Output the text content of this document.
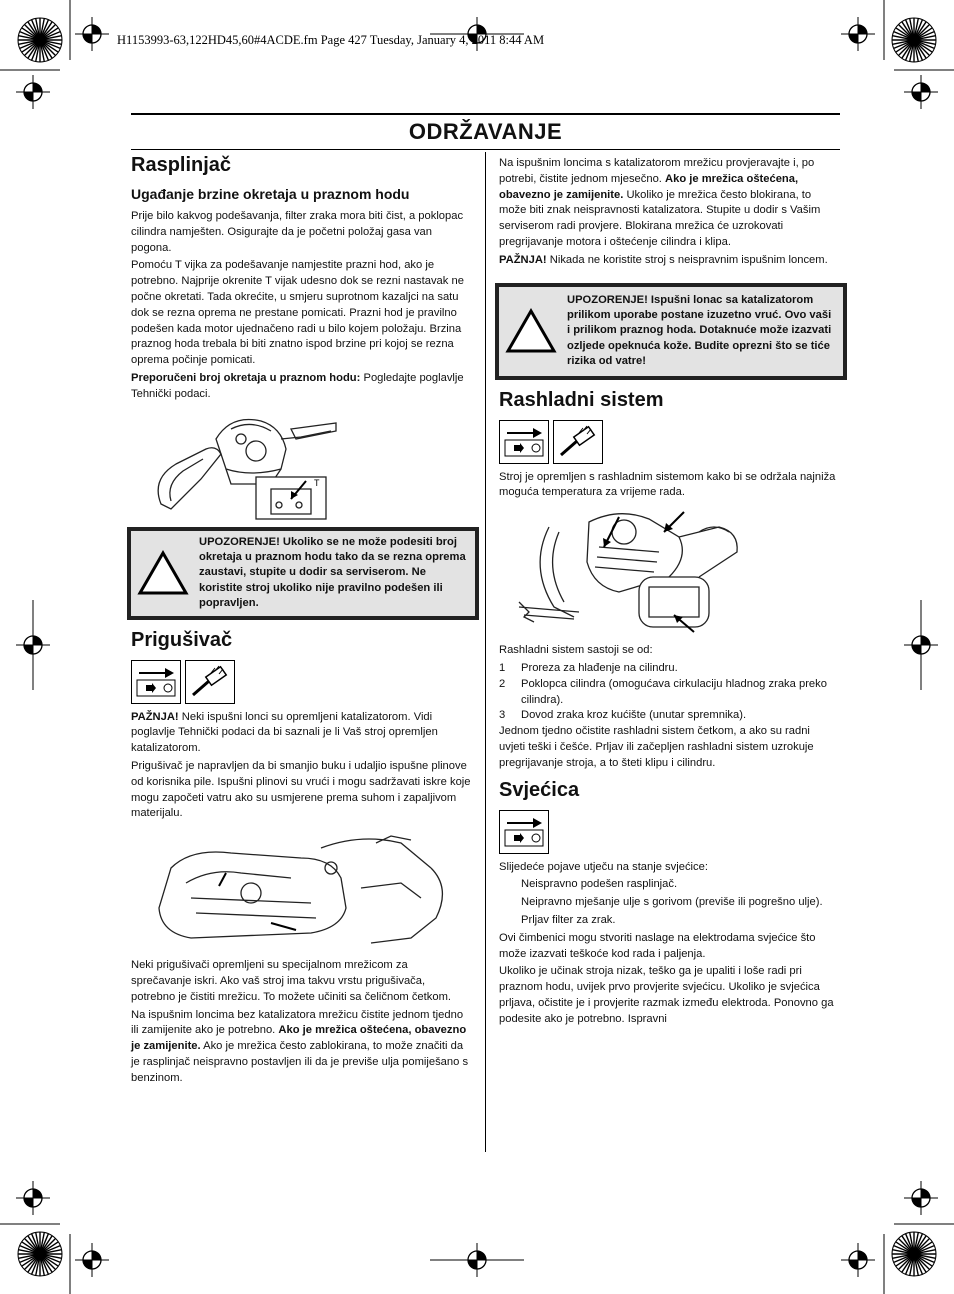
H1153993-63,122HD45,60#4ACDE.fm Page 427 Tuesday, January 4, 2011 8:44 AM
ODRŽAVANJE
Rasplinjač
Ugađanje brzine okretaja u praznom hodu

Prije bilo kakvog podešavanja, filter zraka mora biti čist, a poklopac cilindra namješten. Osigurajte da je početni položaj gasa van pogona.

Pomoću T vijka za podešavanje namjestite prazni hod, ako je potrebno. Najprije okrenite T vijak udesno dok se rezni nastavak ne počne okretati. Tada okrećite, u smjeru suprotnom kazaljci na satu dok se rezna oprema ne prestane pomicati. Prazni hod je pravilno podešen kada motor ujednačeno radi u bilo kojem položaju. Brzina praznog hoda trebala bi biti znatno ispod brzine pri kojoj se rezna oprema počinje pomicati.

Preporučeni broj okretaja u praznom hodu: Pogledajte poglavlje Tehnički podaci.

T
UPOZORENJE! Ukoliko se ne može podesiti broj okretaja u praznom hodu tako da se rezna oprema zaustavi, stupite u dodir sa serviserom. Ne koristite stroj ukoliko nije pravilno podešen ili popravljen.
Prigušivač

PAŽNJA! Neki ispušni lonci su opremljeni katalizatorom. Vidi poglavlje Tehnički podaci da bi saznali je li Vaš stroj opremljen katalizatorom.

Prigušivač je napravljen da bi smanjio buku i udaljio ispušne plinove od korisnika pile. Ispušni plinovi su vrući i mogu sadržavati iskre koje mogu započeti vatru ako su usmjerene prema suhom i zapaljivom materijalu.

Neki prigušivači opremljeni su specijalnom mrežicom za sprečavanje iskri. Ako vaš stroj ima takvu vrstu prigušivača, potrebno je čistiti mrežicu. To možete učiniti sa čeličnom četkom.

Na ispušnim loncima bez katalizatora mrežicu čistite jednom tjedno ili zamijenite ako je potrebno. Ako je mrežica oštećena, obavezno je zamijenite. Ako je mrežica često zablokirana, to može značiti da je rasplinjač neispravno postavljen ili da je previše ulja pomiješano s benzinom.

Na ispušnim loncima s katalizatorom mrežicu provjeravajte i, po potrebi, čistite jednom mjesečno. Ako je mrežica oštećena, obavezno je zamijenite. Ukoliko je mrežica često blokirana, to može biti znak neispravnosti katalizatora. Stupite u dodir s Vašim serviserom radi provjere. Blokirana mrežica će uzrokovati pregrijavanje motora i oštećenje cilindra i klipa.

PAŽNJA! Nikada ne koristite stroj s neispravnim ispušnim loncem.

UPOZORENJE! Ispušni lonac sa katalizatorom prilikom uporabe postane izuzetno vruć. Ovo vaši i prilikom praznog hoda. Dotaknuće može izazvati ozljede opeknuća kože. Budite oprezni što se tiće rizika od vatre!
Rashladni sistem

Stroj je opremljen s rashladnim sistemom kako bi se održala najniža moguća temperatura za vrijeme rada.

Rashladni sistem sastoji se od:

1	Proreza za hlađenje na cilindru.
2	Poklopca cilindra (omogućava cirkulaciju hladnog zraka preko cilindra).
3	Dovod zraka kroz kućište (unutar spremnika).

Jednom tjedno očistite rashladni sistem četkom, a ako su radni uvjeti teški i češće. Prljav ili začepljen rashladni sistem uzrokuje pregrijavanje stroja, a to šteti klipu i cilindru.

Svjećica

Slijedeće pojave utječu na stanje svjećice:

Neispravno podešen rasplinjač.

Neipravno mješanje ulje s gorivom (previše ili pogrešno ulje).

Prljav filter za zrak.

Ovi čimbenici mogu stvoriti naslage na elektrodama svjećice što može izazvati teškoće kod rada i paljenja.

Ukoliko je učinak stroja nizak, teško ga je upaliti i loše radi pri praznom hodu, uvijek prvo provjerite svjećicu. Ukoliko je svjećica prljava, očistite je i provjerite razmak između elektroda. Ponovno ga podesite ako je potrebno. Ispravni
